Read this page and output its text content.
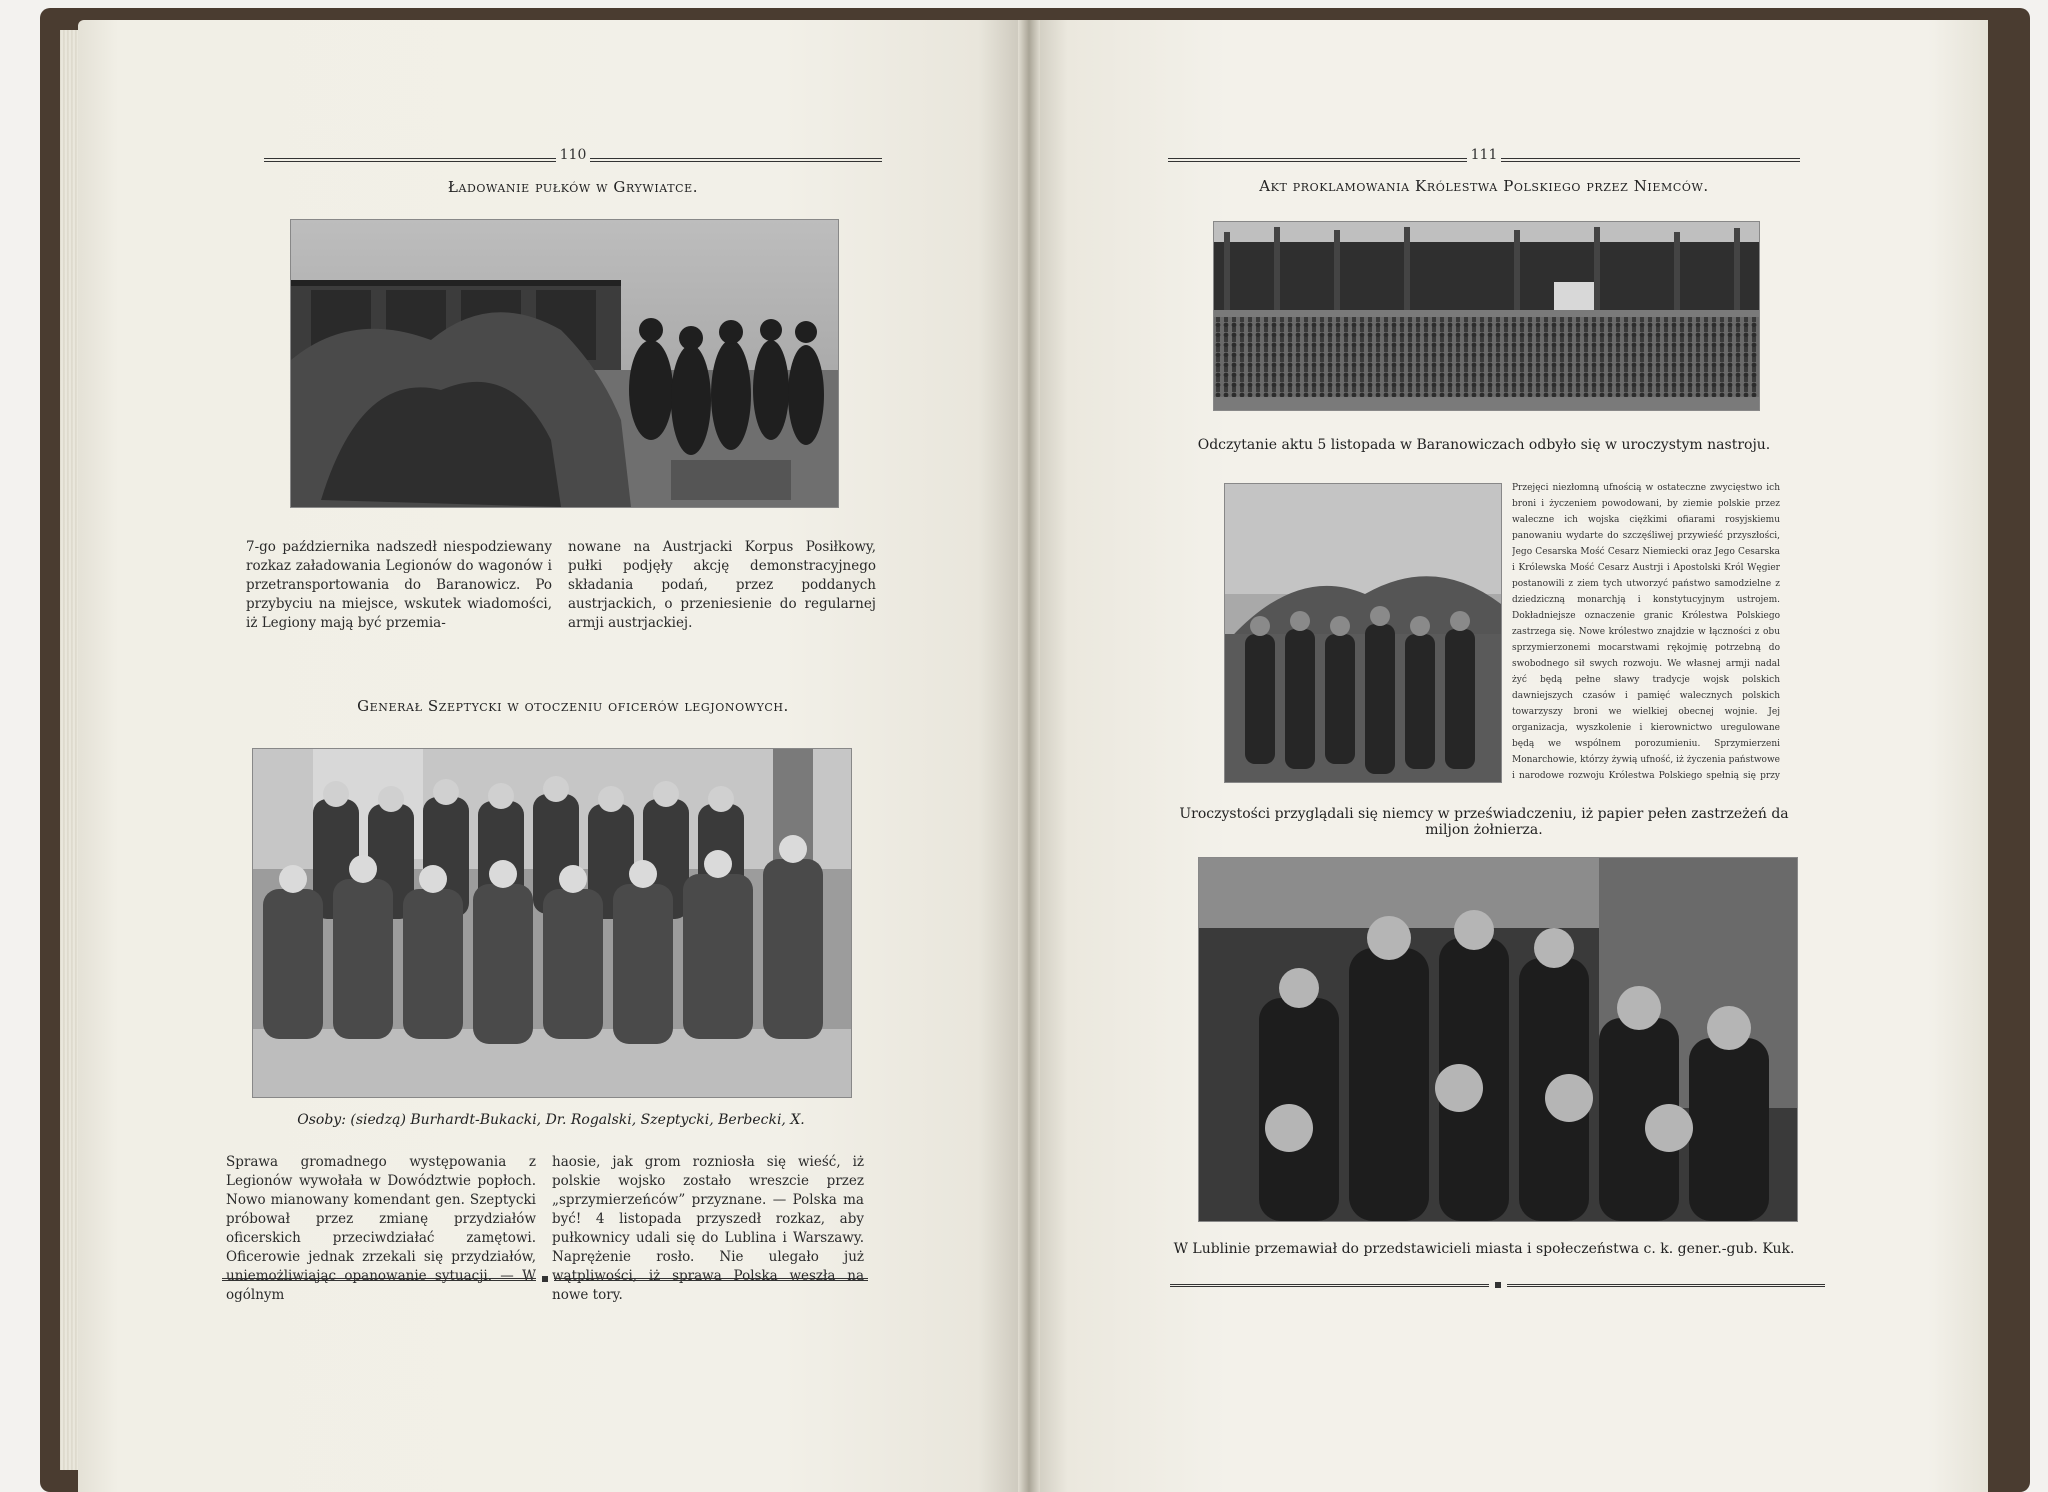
110
Ładowanie pułków w Grywiatce.
7-go października nadszedł niespodziewany rozkaz załadowania Legionów do wagonów i przetransportowania do Baranowicz. Po przybyciu na miejsce, wskutek wiadomości, iż Legiony mają być przemia-
nowane na Austrjacki Korpus Posiłkowy, pułki podjęły akcję demonstracyjnego składania podań, przez poddanych austrjackich, o przeniesienie do regularnej armji austrjackiej.
Generał Szeptycki w otoczeniu oficerów legjonowych.
Osoby: (siedzą) Burhardt-Bukacki, Dr. Rogalski, Szeptycki, Berbecki, X.
Sprawa gromadnego występowania z Legionów wywołała w Dowództwie popłoch. Nowo mianowany komendant gen. Szeptycki próbował przez zmianę przydziałów oficerskich przeciwdziałać zamętowi. Oficerowie jednak zrzekali się przydziałów, uniemożliwiając opanowanie sytuacji. — W ogólnym
haosie, jak grom rozniosła się wieść, iż polskie wojsko zostało wreszcie przez „sprzymierzeńców” przyznane. — Polska ma być! 4 listopada przyszedł rozkaz, aby pułkownicy udali się do Lublina i Warszawy. Naprężenie rosło. Nie ulegało już wątpliwości, iż sprawa Polska weszła na nowe tory.
111
Akt proklamowania Królestwa Polskiego przez Niemców.
Odczytanie aktu 5 listopada w Baranowiczach odbyło się w uroczystym nastroju.
Przejęci niezłomną ufnością w ostateczne zwycięstwo ich broni i życzeniem powodowani, by ziemie polskie przez waleczne ich wojska ciężkimi ofiarami rosyjskiemu panowaniu wydarte do szczęśliwej przywieść przyszłości, Jego Cesarska Mość Cesarz Niemiecki oraz Jego Cesarska i Królewska Mość Cesarz Austrji i Apostolski Król Węgier postanowili z ziem tych utworzyć państwo samodzielne z dziedziczną monarchją i konstytucyjnym ustrojem. Dokładniejsze oznaczenie granic Królestwa Polskiego zastrzega się. Nowe królestwo znajdzie w łączności z obu sprzymierzonemi mocarstwami rękojmię potrzebną do swobodnego sił swych rozwoju. We własnej armji nadal żyć będą pełne sławy tradycje wojsk polskich dawniejszych czasów i pamięć walecznych polskich towarzyszy broni we wielkiej obecnej wojnie. Jej organizacja, wyszkolenie i kierownictwo uregulowane będą we wspólnem porozumieniu. Sprzymierzeni Monarchowie, którzy żywią ufność, iż życzenia państwowe i narodowe rozwoju Królestwa Polskiego spełnią się przy
Uroczystości przyglądali się niemcy w przeświadczeniu, iż papier pełen zastrzeżeń da miljon żołnierza.
W Lublinie przemawiał do przedstawicieli miasta i społeczeństwa c. k. gener.-gub. Kuk.
